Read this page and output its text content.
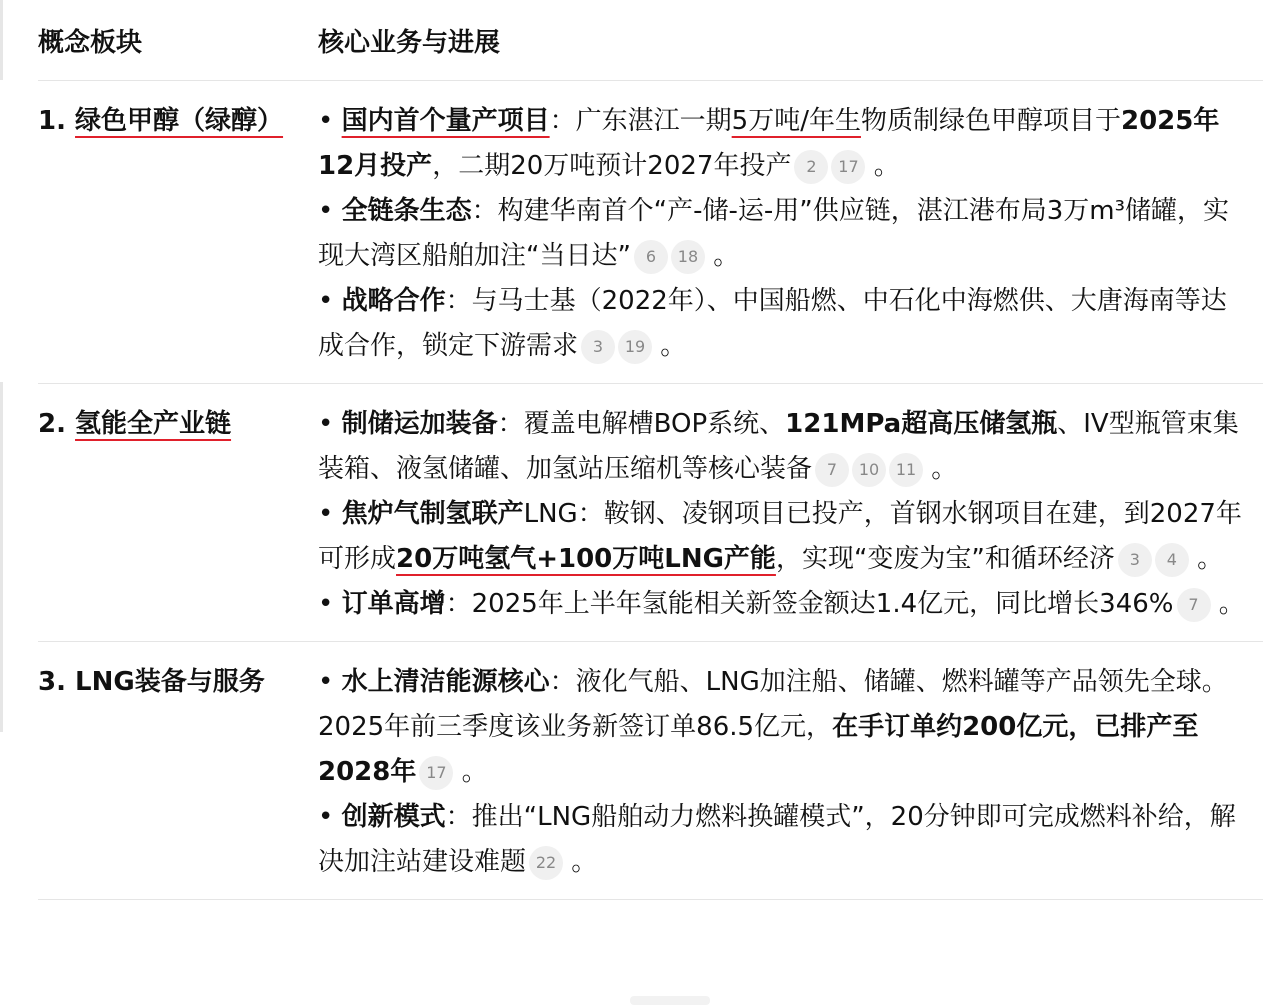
概念板块	核心业务与进展
1. 绿色甲醇（绿醇）	• 国内首个量产项目：广东湛江一期5万吨/年生物质制绿色甲醇项目于2025年12月投产，二期20万吨预计2027年投产 2 17 。

• 全链条生态：构建华南首个“产-储-运-用”供应链，湛江港布局3万m³储罐，实现大湾区船舶加注“当日达” 6 18 。

• 战略合作：与马士基（2022年）、中国船燃、中石化中海燃供、大唐海南等达成合作，锁定下游需求 3 19 。

2. 氢能全产业链	• 制储运加装备：覆盖电解槽BOP系统、121MPa超高压储氢瓶、IV型瓶管束集装箱、液氢储罐、加氢站压缩机等核心装备 7 10 11 。

• 焦炉气制氢联产LNG：鞍钢、凌钢项目已投产，首钢水钢项目在建，到2027年可形成20万吨氢气+100万吨LNG产能，实现“变废为宝”和循环经济 3 4 。

• 订单高增：2025年上半年氢能相关新签金额达1.4亿元，同比增长346% 7 。

3. LNG装备与服务	• 水上清洁能源核心：液化气船、LNG加注船、储罐、燃料罐等产品领先全球。2025年前三季度该业务新签订单86.5亿元，在手订单约200亿元，已排产至2028年 17 。

• 创新模式：推出“LNG船舶动力燃料换罐模式”，20分钟即可完成燃料补给，解决加注站建设难题 22 。
